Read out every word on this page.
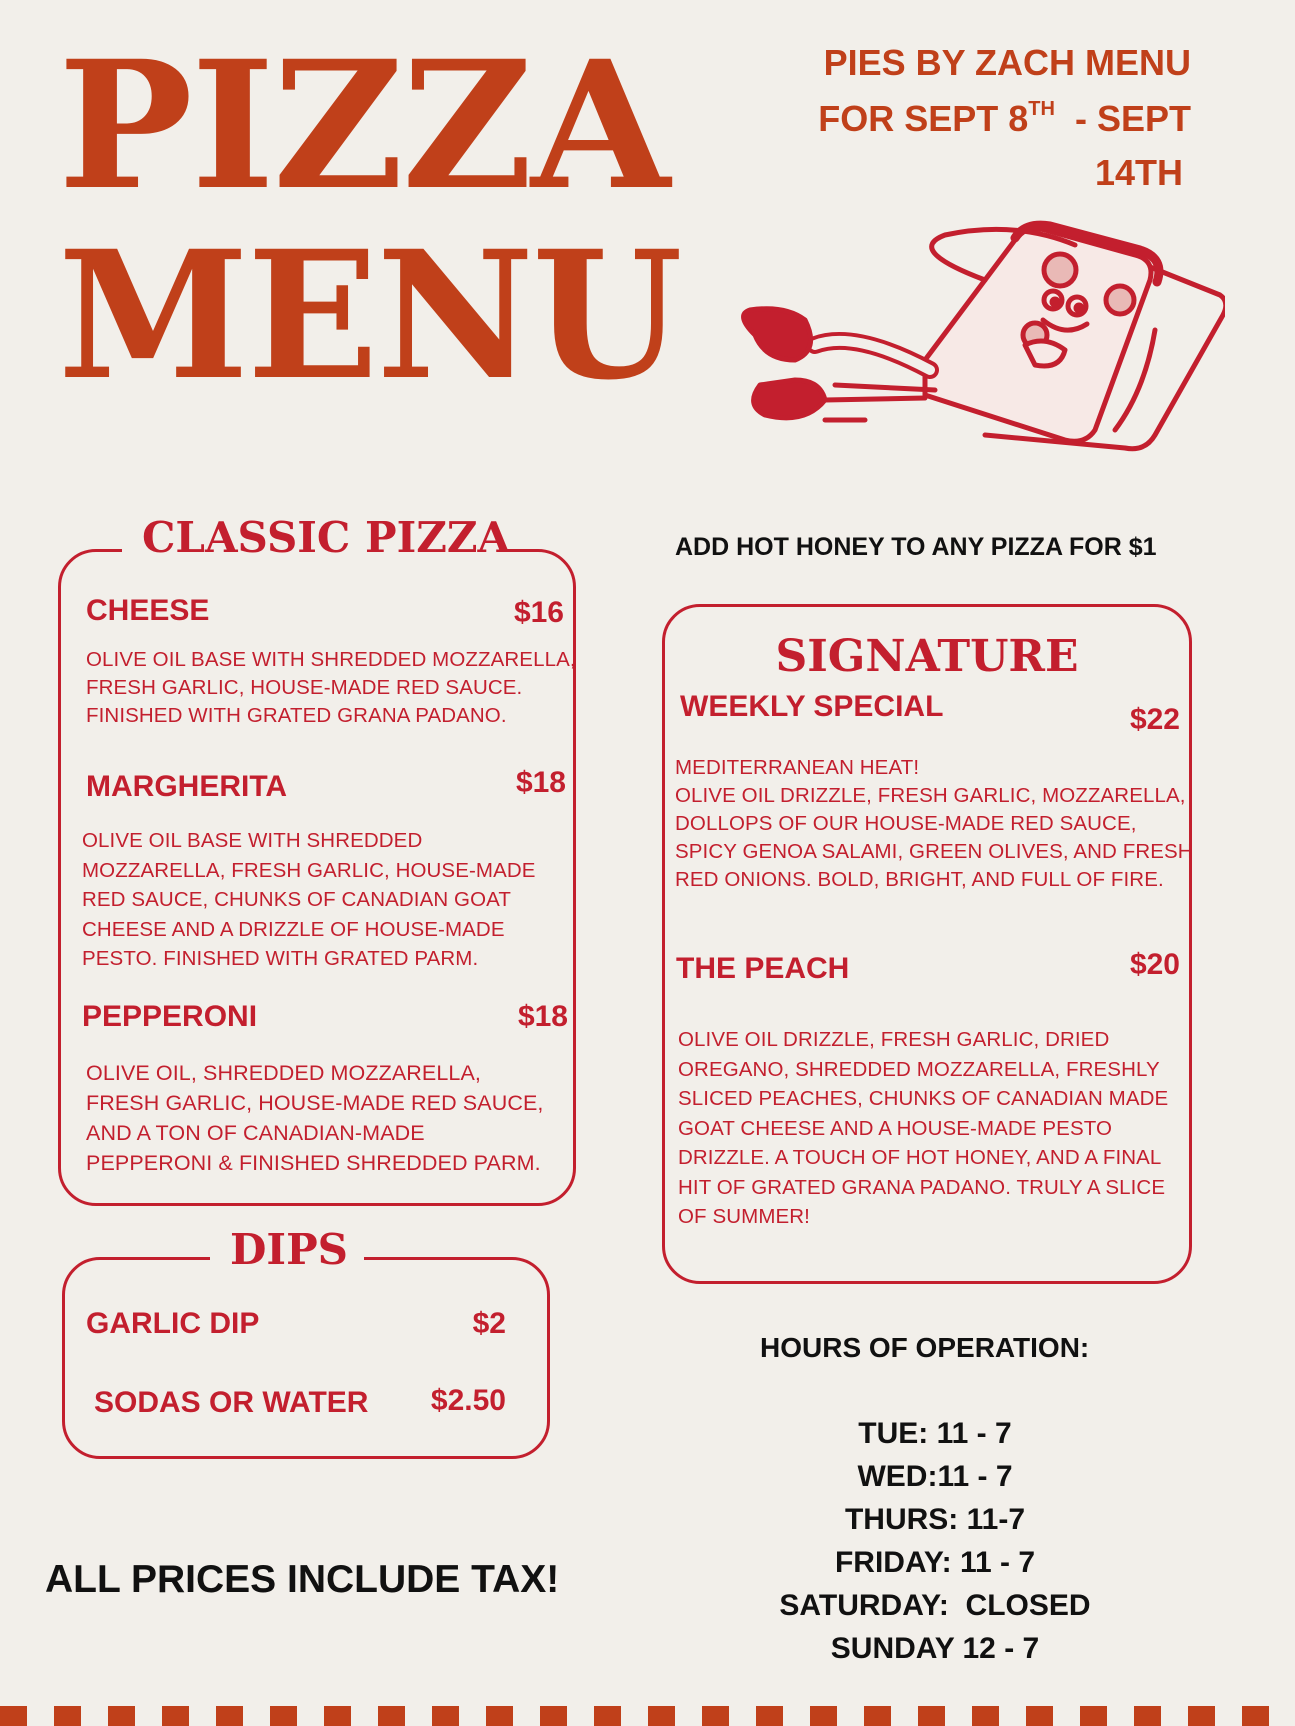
PIZZA
MENU
PIES BY ZACH MENU
FOR SEPT 8TH  - SEPT
14TH
CLASSIC PIZZA
CHEESE	$16
OLIVE OIL BASE WITH SHREDDED MOZZARELLA,
FRESH GARLIC, HOUSE-MADE RED SAUCE.
FINISHED WITH GRATED GRANA PADANO.
MARGHERITA	$18
OLIVE OIL BASE WITH SHREDDED
MOZZARELLA, FRESH GARLIC, HOUSE-MADE
RED SAUCE, CHUNKS OF CANADIAN GOAT
CHEESE AND A DRIZZLE OF HOUSE-MADE
PESTO. FINISHED WITH GRATED PARM.
PEPPERONI	$18
OLIVE OIL, SHREDDED MOZZARELLA,
FRESH GARLIC, HOUSE-MADE RED SAUCE,
AND A TON OF CANADIAN-MADE
PEPPERONI & FINISHED SHREDDED PARM.
DIPS
GARLIC DIP	$2
SODAS OR WATER	$2.50
ADD HOT HONEY TO ANY PIZZA FOR $1
SIGNATURE
WEEKLY SPECIAL	$22
MEDITERRANEAN HEAT!
OLIVE OIL DRIZZLE, FRESH GARLIC, MOZZARELLA,
DOLLOPS OF OUR HOUSE-MADE RED SAUCE,
SPICY GENOA SALAMI, GREEN OLIVES, AND FRESH
RED ONIONS. BOLD, BRIGHT, AND FULL OF FIRE.
THE PEACH	$20
OLIVE OIL DRIZZLE, FRESH GARLIC, DRIED
OREGANO, SHREDDED MOZZARELLA, FRESHLY
SLICED PEACHES, CHUNKS OF CANADIAN MADE
GOAT CHEESE AND A HOUSE-MADE PESTO
DRIZZLE. A TOUCH OF HOT HONEY, AND A FINAL
HIT OF GRATED GRANA PADANO. TRULY A SLICE
OF SUMMER!
HOURS OF OPERATION:
TUE: 11 - 7
WED:11 - 7
THURS: 11-7
FRIDAY: 11 - 7
SATURDAY:  CLOSED
SUNDAY 12 - 7
ALL PRICES INCLUDE TAX!
